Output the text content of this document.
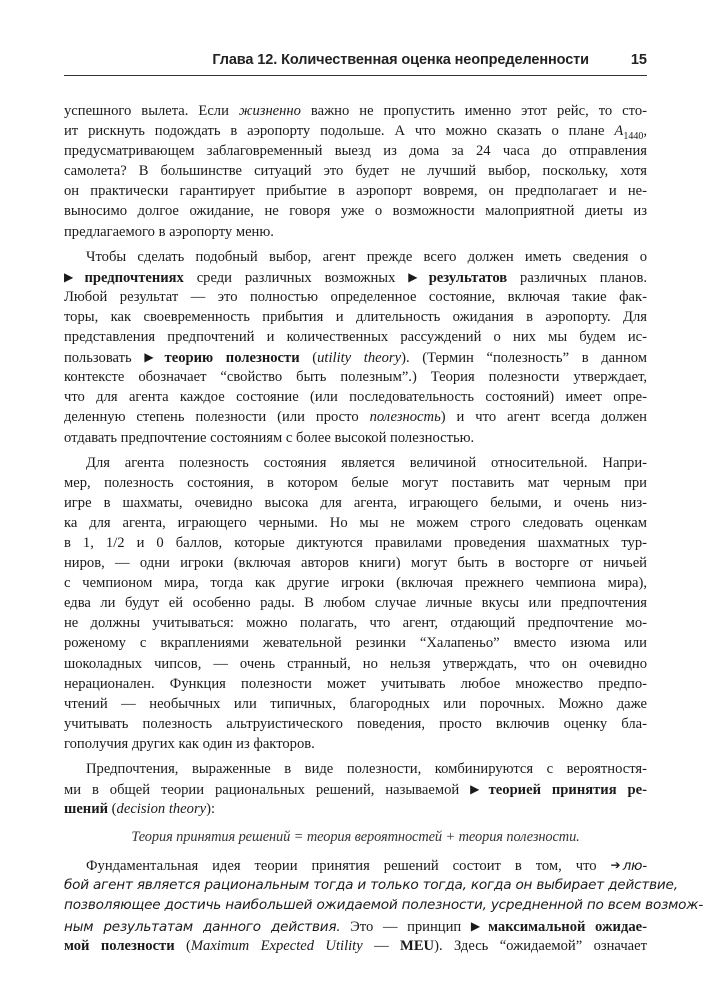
Глава 12. Количественная оценка неопределенности	15

успешного вылета. Если жизненно важно не пропустить именно этот рейс, то сто-
ит рискнуть подождать в аэропорту подольше. А что можно сказать о плане $A_{1440}$,
предусматривающем заблаговременный выезд из дома за 24 часа до отправления
самолета? В большинстве ситуаций это будет не лучший выбор, поскольку, хотя
он практически гарантирует прибытие в аэропорт вовремя, он предполагает и не-
выносимо долгое ожидание, не говоря уже о возможности малоприятной диеты из
предлагаемого в аэропорту меню.

Чтобы сделать подобный выбор, агент прежде всего должен иметь сведения о
▶ предпочтениях среди различных возможных ▶ результатов различных планов.
Любой результат — это полностью определенное состояние, включая такие фак-
торы, как своевременность прибытия и длительность ожидания в аэропорту. Для
представления предпочтений и количественных рассуждений о них мы будем ис-
пользовать ▶ теорию полезности (utility theory). (Термин “полезность” в данном
контексте обозначает “свойство быть полезным”.) Теория полезности утверждает,
что для агента каждое состояние (или последовательность состояний) имеет опре-
деленную степень полезности (или просто полезность) и что агент всегда должен
отдавать предпочтение состояниям с более высокой полезностью.

Для агента полезность состояния является величиной относительной. Напри-
мер, полезность состояния, в котором белые могут поставить мат черным при
игре в шахматы, очевидно высока для агента, играющего белыми, и очень низ-
ка для агента, играющего черными. Но мы не можем строго следовать оценкам
в 1, 1/2 и 0 баллов, которые диктуются правилами проведения шахматных тур-
ниров, — одни игроки (включая авторов книги) могут быть в восторге от ничьей
с чемпионом мира, тогда как другие игроки (включая прежнего чемпиона мира),
едва ли будут ей особенно рады. В любом случае личные вкусы или предпочтения
не должны учитываться: можно полагать, что агент, отдающий предпочтение мо-
роженому с вкраплениями жевательной резинки “Халапеньо” вместо изюма или
шоколадных чипсов, — очень странный, но нельзя утверждать, что он очевидно
нерационален. Функция полезности может учитывать любое множество предпо-
чтений — необычных или типичных, благородных или порочных. Можно даже
учитывать полезность альтруистического поведения, просто включив оценку бла-
гополучия других как один из факторов.

Предпочтения, выраженные в виде полезности, комбинируются с вероятностя-
ми в общей теории рациональных решений, называемой ▶ теорией принятия ре-
шений (decision theory):

Теория принятия решений = теория вероятностей + теория полезности.

Фундаментальная идея теории принятия решений состоит в том, что ➔ лю-
бой агент является рациональным тогда и только тогда, когда он выбирает действие,
позволяющее достичь наибольшей ожидаемой полезности, усредненной по всем возмож-
ным результатам данного действия. Это — принцип ▶ максимальной ожидае-
мой полезности (Maximum Expected Utility — MEU). Здесь “ожидаемой” означает
